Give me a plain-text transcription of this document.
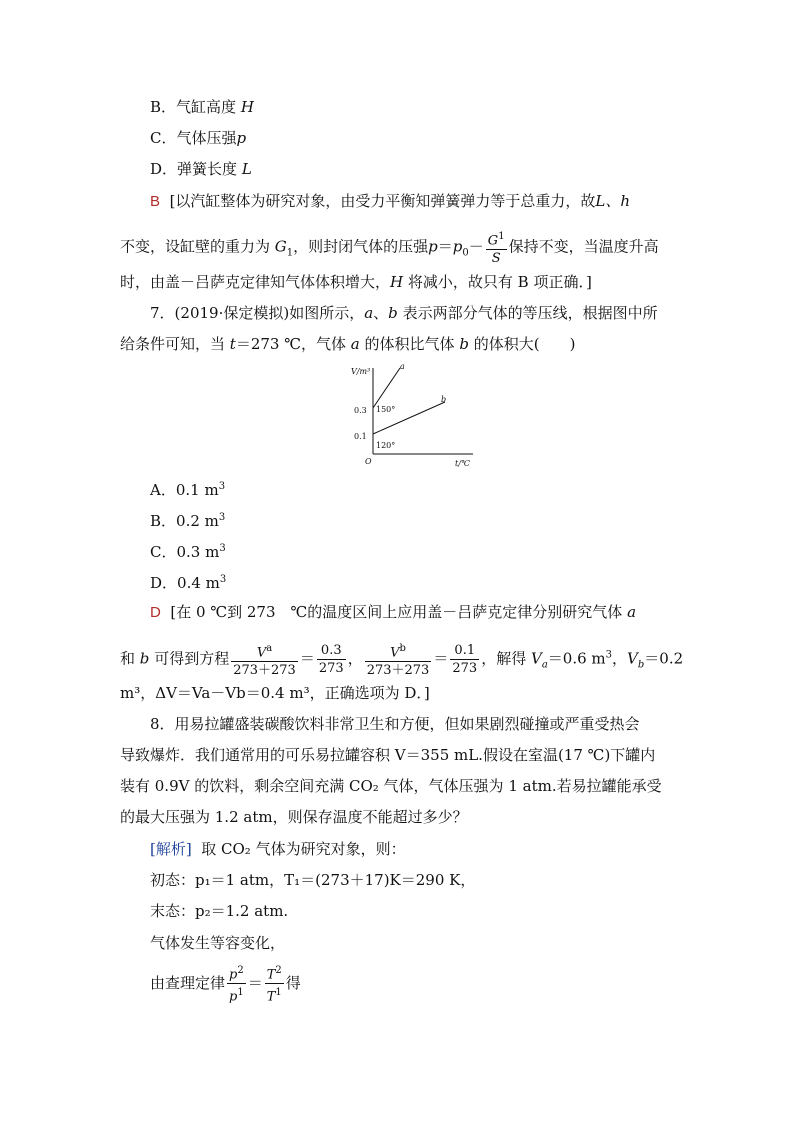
B．气缸高度 H
C．气体压强p
D．弹簧长度 L
B [以汽缸整体为研究对象，由受力平衡知弹簧弹力等于总重力，故L、h
不变，设缸壁的重力为 $G_1$，则封闭气体的压强$p=p_0- \frac{G^1}{S}$ 保持不变，当温度升高
时，由盖－吕萨克定律知气体体积增大，H 将减小，故只有 B 项正确．]
7．(2019·保定模拟)如图所示，a、b 表示两部分气体的等压线，根据图中所
给条件可知，当 t＝273 ℃，气体 a 的体积比气体 b 的体积大(　　)
V/m³
t/℃
O
0.3
0.1
150°
120°
a
b
A．0.1 $m^3$
B．0.2 $m^3$
C．0.3 $m^3$
D．0.4 $m^3$
D [在 0 ℃到 273　℃的温度区间上应用盖－吕萨克定律分别研究气体 a
和 b 可得到方程 $\frac{V^a}{273+273} = \frac{0.3}{273}$ ， $\frac{V^b}{273+273} = \frac{0.1}{273}$ ，解得 $V_a=0.6$ $m^3$，$V_b=0.2$
m³，ΔV＝Va－Vb＝0.4 m³，正确选项为 D．]
8．用易拉罐盛装碳酸饮料非常卫生和方便，但如果剧烈碰撞或严重受热会
导致爆炸．我们通常用的可乐易拉罐容积 V＝355 mL.假设在室温(17 ℃)下罐内
装有 0.9V 的饮料，剩余空间充满 CO₂ 气体，气体压强为 1 atm.若易拉罐能承受
的最大压强为 1.2 atm，则保存温度不能超过多少？
[解析] 取 CO₂ 气体为研究对象，则：
初态：p₁＝1 atm，T₁＝(273＋17)K＝290 K，
末态：p₂＝1.2 atm.
气体发生等容变化，
由查理定律 $\frac{p^2}{p^1} = \frac{T^2}{T^1}$ 得
